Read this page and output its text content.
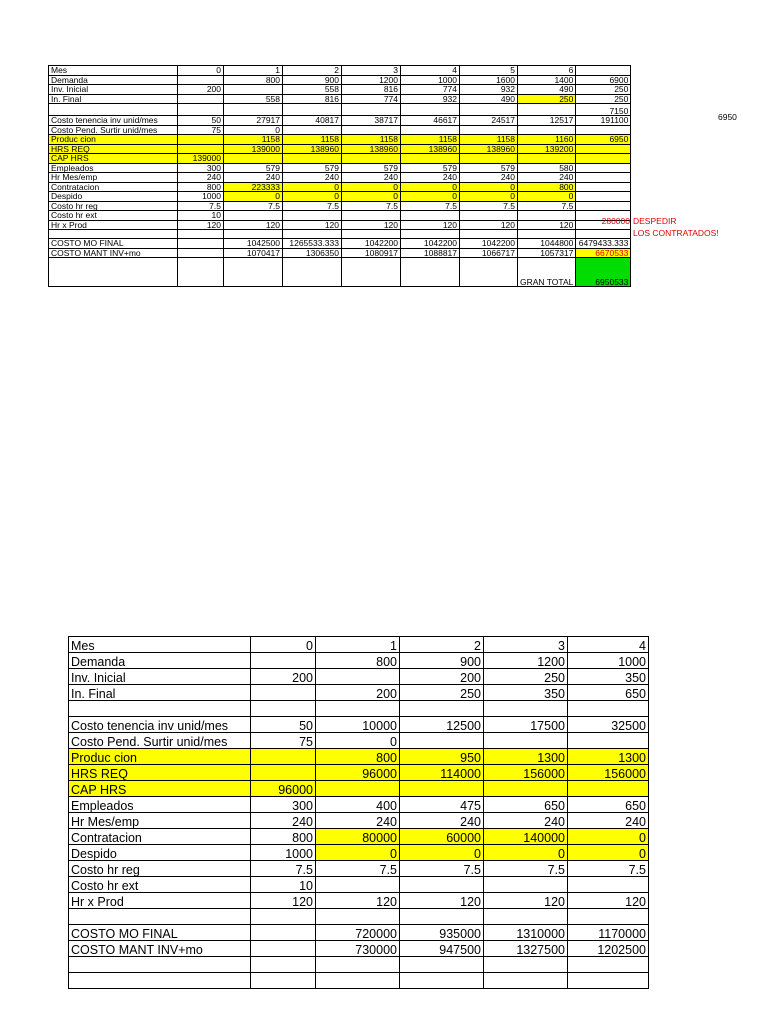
Mes	0	1	2	3	4	5	6		
Demanda		800	900	1200	1000	1600	1400	6900	
Inv. Inicial	200		558	816	774	932	490	250	
In. Final		558	816	774	932	490	250	250	
								7150	
Costo tenencia inv unid/mes	50	27917	40817	38717	46617	24517	12517	191100	
Costo Pend. Surtir unid/mes	75	0							
Produc cion		1158	1158	1158	1158	1158	1160	6950	
HRS REQ		139000	138960	138960	138960	138960	139200		
CAP HRS	139000								
Empleados	300	579	579	579	579	579	580		
Hr Mes/emp	240	240	240	240	240	240	240		
Contratacion	800	223333	0	0	0	0	800		
Despido	1000	0	0	0	0	0	0		
Costo hr reg	7.5	7.5	7.5	7.5	7.5	7.5	7.5		
Costo hr ext	10								
Hr x Prod	120	120	120	120	120	120	120		

COSTO MO FINAL		1042500	1265533.333	1042200	1042200	1042200	1044800	6479433.333	
COSTO MANT INV+mo		1070417	1306350	1080917	1088817	1066717	1057317	6670533	
							GRAN TOTAL	6950533	
6950
280000 DESPEDIR
LOS CONTRATADOS!
Mes	0	1	2	3	4
Demanda		800	900	1200	1000
Inv. Inicial	200		200	250	350
In. Final		200	250	350	650

Costo tenencia inv unid/mes	50	10000	12500	17500	32500
Costo Pend. Surtir unid/mes	75	0			
Produc cion		800	950	1300	1300
HRS REQ		96000	114000	156000	156000
CAP HRS	96000				
Empleados	300	400	475	650	650
Hr Mes/emp	240	240	240	240	240
Contratacion	800	80000	60000	140000	0
Despido	1000	0	0	0	0
Costo hr reg	7.5	7.5	7.5	7.5	7.5
Costo hr ext	10				
Hr x Prod	120	120	120	120	120

COSTO MO FINAL		720000	935000	1310000	1170000
COSTO MANT INV+mo		730000	947500	1327500	1202500
